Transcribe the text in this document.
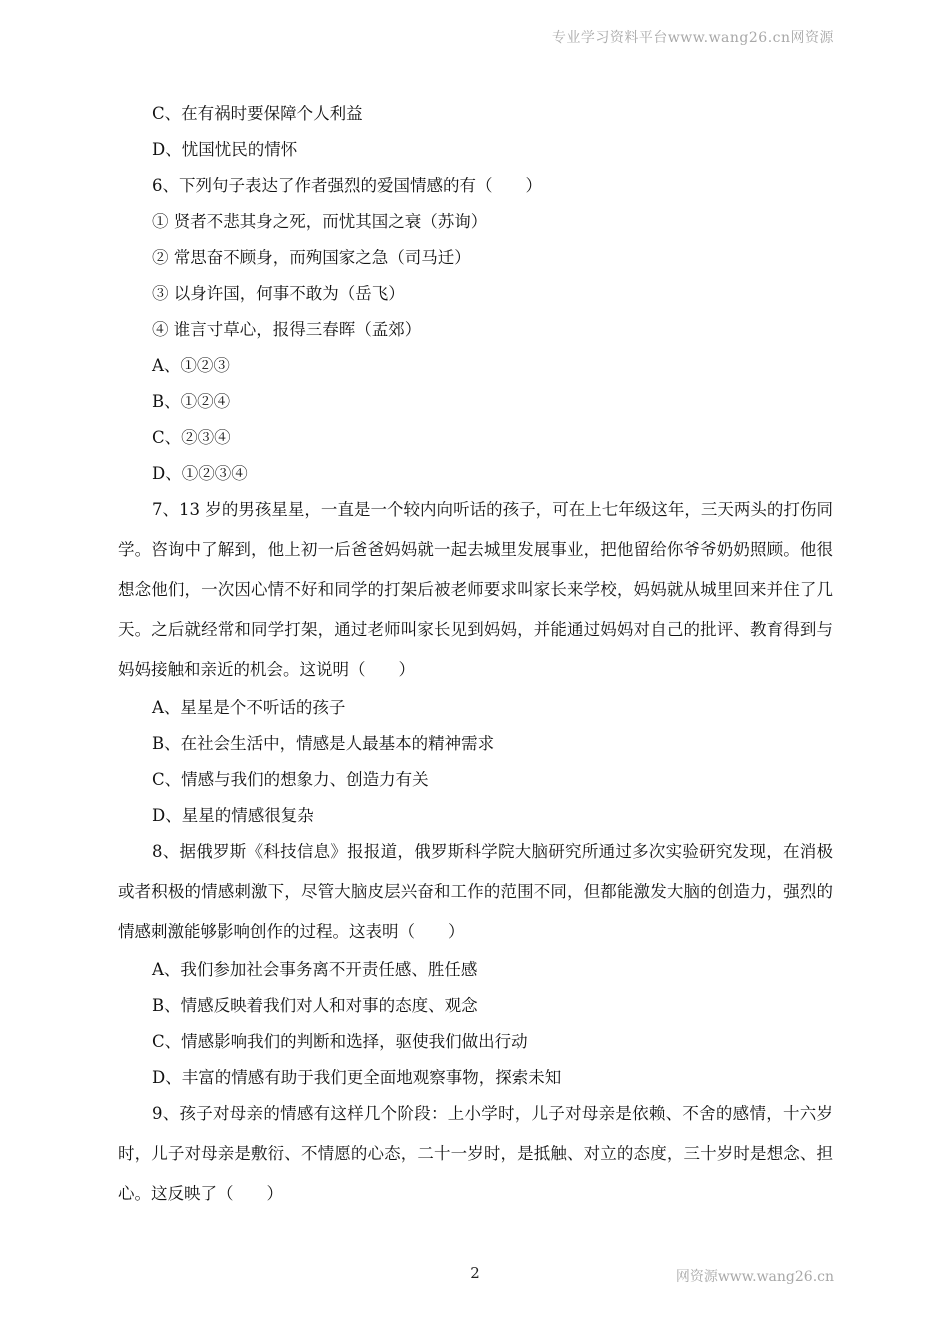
专业学习资料平台www.wang26.cn网资源
C、在有祸时要保障个人利益
D、忧国忧民的情怀
6、下列句子表达了作者强烈的爱国情感的有（　　）
① 贤者不悲其身之死，而忧其国之衰（苏询）
② 常思奋不顾身，而殉国家之急（司马迁）
③ 以身许国，何事不敢为（岳飞）
④ 谁言寸草心，报得三春晖（孟郊）
A、①②③
B、①②④
C、②③④
D、①②③④
7、13 岁的男孩星星，一直是一个较内向听话的孩子，可在上七年级这年，三天两头的打伤同学。咨询中了解到，他上初一后爸爸妈妈就一起去城里发展事业，把他留给你爷爷奶奶照顾。他很想念他们，一次因心情不好和同学的打架后被老师要求叫家长来学校，妈妈就从城里回来并住了几天。之后就经常和同学打架，通过老师叫家长见到妈妈，并能通过妈妈对自己的批评、教育得到与妈妈接触和亲近的机会。这说明（　　）
A、星星是个不听话的孩子
B、在社会生活中，情感是人最基本的精神需求
C、情感与我们的想象力、创造力有关
D、星星的情感很复杂
8、据俄罗斯《科技信息》报报道，俄罗斯科学院大脑研究所通过多次实验研究发现，在消极或者积极的情感刺激下，尽管大脑皮层兴奋和工作的范围不同，但都能激发大脑的创造力，强烈的情感刺激能够影响创作的过程。这表明（　　）
A、我们参加社会事务离不开责任感、胜任感
B、情感反映着我们对人和对事的态度、观念
C、情感影响我们的判断和选择，驱使我们做出行动
D、丰富的情感有助于我们更全面地观察事物，探索未知
9、孩子对母亲的情感有这样几个阶段：上小学时，儿子对母亲是依赖、不舍的感情，十六岁时，儿子对母亲是敷衍、不情愿的心态，二十一岁时，是抵触、对立的态度，三十岁时是想念、担心。这反映了（　　）
2	网资源www.wang26.cn
